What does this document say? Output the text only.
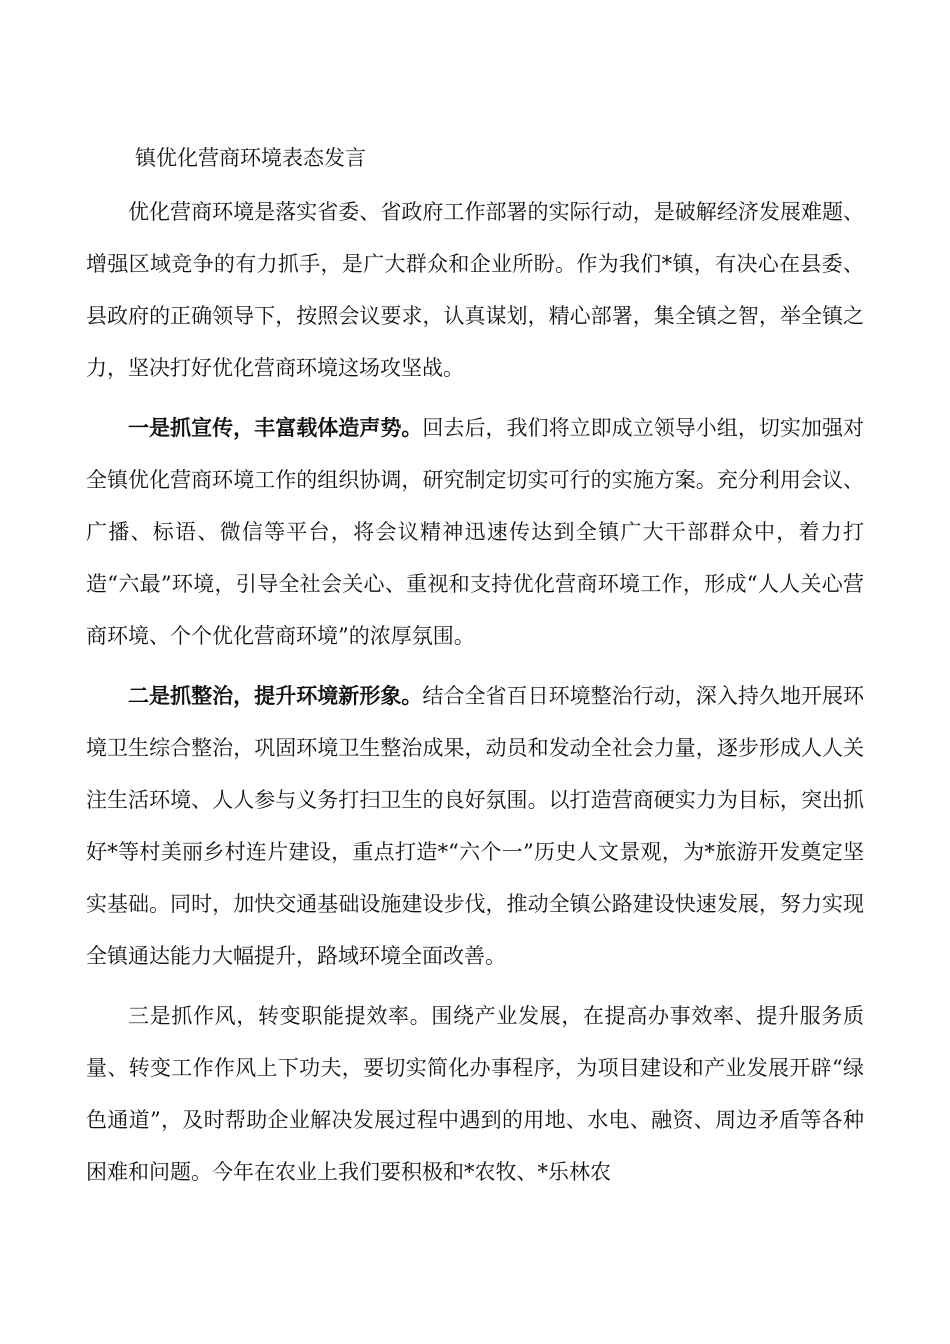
镇优化营商环境表态发言

优化营商环境是落实省委、省政府工作部署的实际行动，是破解经济发展难题、增强区域竞争的有力抓手，是广大群众和企业所盼。作为我们*镇，有决心在县委、县政府的正确领导下，按照会议要求，认真谋划，精心部署，集全镇之智，举全镇之力，坚决打好优化营商环境这场攻坚战。

一是抓宣传，丰富载体造声势。回去后，我们将立即成立领导小组，切实加强对全镇优化营商环境工作的组织协调，研究制定切实可行的实施方案。充分利用会议、广播、标语、微信等平台，将会议精神迅速传达到全镇广大干部群众中，着力打造“六最”环境，引导全社会关心、重视和支持优化营商环境工作，形成“人人关心营商环境、个个优化营商环境”的浓厚氛围。

二是抓整治，提升环境新形象。结合全省百日环境整治行动，深入持久地开展环境卫生综合整治，巩固环境卫生整治成果，动员和发动全社会力量，逐步形成人人关注生活环境、人人参与义务打扫卫生的良好氛围。以打造营商硬实力为目标，突出抓好*等村美丽乡村连片建设，重点打造*“六个一”历史人文景观，为*旅游开发奠定坚实基础。同时，加快交通基础设施建设步伐，推动全镇公路建设快速发展，努力实现全镇通达能力大幅提升，路域环境全面改善。

三是抓作风，转变职能提效率。围绕产业发展，在提高办事效率、提升服务质量、转变工作作风上下功夫，要切实简化办事程序，为项目建设和产业发展开辟“绿色通道”，及时帮助企业解决发展过程中遇到的用地、水电、融资、周边矛盾等各种困难和问题。今年在农业上我们要积极和*农牧、*乐林农
